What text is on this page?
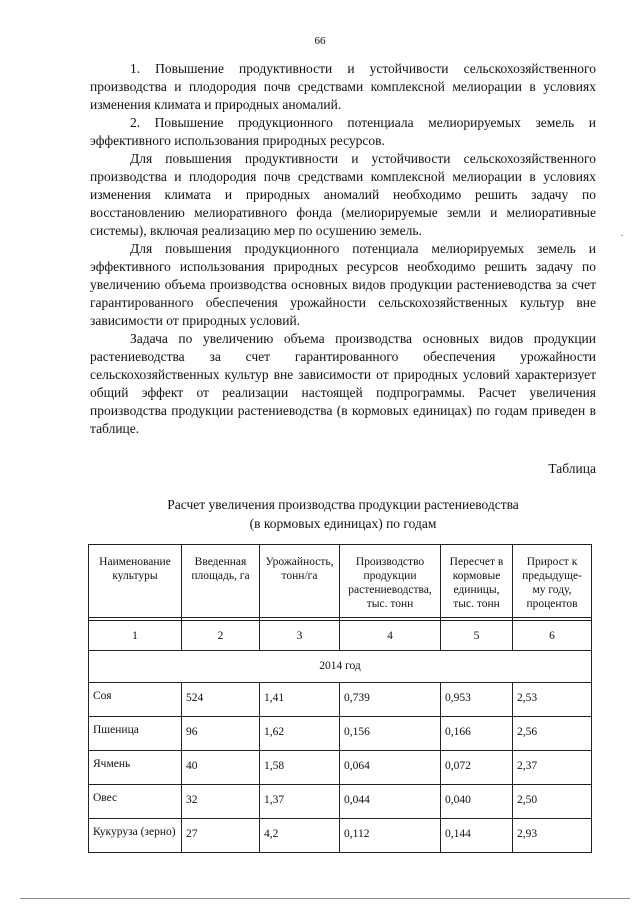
66

1. Повышение продуктивности и устойчивости сельскохозяйственного производства и плодородия почв средствами комплексной мелиорации в условиях изменения климата и природных аномалий.

2. Повышение продукционного потенциала мелиорируемых земель и эффективного использования природных ресурсов.

Для повышения продуктивности и устойчивости сельскохозяйственного производства и плодородия почв средствами комплексной мелиорации в условиях изменения климата и природных аномалий необходимо решить задачу по восстановлению мелиоративного фонда (мелиорируемые земли и мелиоративные системы), включая реализацию мер по осушению земель.

Для повышения продукционного потенциала мелиорируемых земель и эффективного использования природных ресурсов необходимо решить задачу по увеличению объема производства основных видов продукции растениеводства за счет гарантированного обеспечения урожайности сельскохозяйственных культур вне зависимости от природных условий.

Задача по увеличению объема производства основных видов продукции растениеводства за счет гарантированного обеспечения урожайности сельскохозяйственных культур вне зависимости от природных условий характеризует общий эффект от реализации настоящей подпрограммы. Расчет увеличения производства продукции растениеводства (в кормовых единицах) по годам приведен в таблице.

·
Таблица
Расчет увеличения производства продукции растениеводства
(в кормовых единицах) по годам
Наименование культуры	Введенная площадь, га	Урожайность, тонн/га	Производство продукции растениеводства, тыс. тонн	Пересчет в кормовые единицы, тыс. тонн	Прирост к предыдуще-му году, процентов

1	2	3	4	5	6
2014 год					
Соя	524	1,41	0,739	0,953	2,53
Пшеница	96	1,62	0,156	0,166	2,56
Ячмень	40	1,58	0,064	0,072	2,37
Овес	32	1,37	0,044	0,040	2,50
Кукуруза (зерно)	27	4,2	0,112	0,144	2,93
